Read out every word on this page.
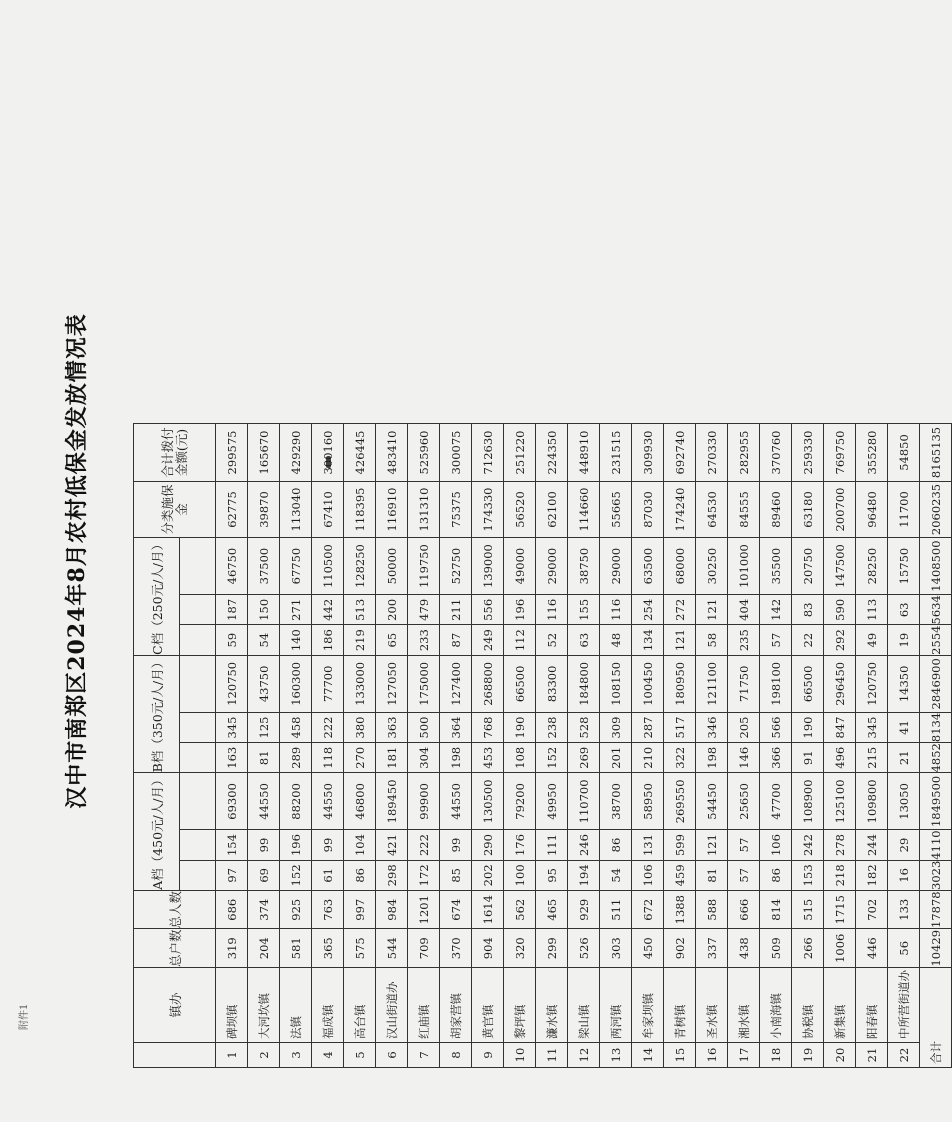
附件1
汉中市南郑区2024年8月农村低保金发放情况表
	镇办	总户数	总人数	A档（450元/人/月）			B档（350元/人/月）			C档（250元/人/月）			分类施保金	合计拨付金额(元)

1	碑坝镇	319	686	97	154	69300	163	345	120750	59	187	46750	62775	299575
2	大河坎镇	204	374	69	99	44550	81	125	43750	54	150	37500	39870	165670
3	法镇	581	925	152	196	88200	289	458	160300	140	271	67750	113040	429290
4	福成镇	365	763	61	99	44550	118	222	77700	186	442	110500	67410	300160
5	高台镇	575	997	86	104	46800	270	380	133000	219	513	128250	118395	426445
6	汉山街道办	544	984	298	421	189450	181	363	127050	65	200	50000	116910	483410
7	红庙镇	709	1201	172	222	99900	304	500	175000	233	479	119750	131310	525960
8	胡家营镇	370	674	85	99	44550	198	364	127400	87	211	52750	75375	300075
9	黄官镇	904	1614	202	290	130500	453	768	268800	249	556	139000	174330	712630
10	黎坪镇	320	562	100	176	79200	108	190	66500	112	196	49000	56520	251220
11	濂水镇	299	465	95	111	49950	152	238	83300	52	116	29000	62100	224350
12	梁山镇	526	929	194	246	110700	269	528	184800	63	155	38750	114660	448910
13	两河镇	303	511	54	86	38700	201	309	108150	48	116	29000	55665	231515
14	牟家坝镇	450	672	106	131	58950	210	287	100450	134	254	63500	87030	309930
15	青树镇	902	1388	459	599	269550	322	517	180950	121	272	68000	174240	692740
16	圣水镇	337	588	81	121	54450	198	346	121100	58	121	30250	64530	270330
17	湘水镇	438	666	57	57	25650	146	205	71750	235	404	101000	84555	282955
18	小南海镇	509	814	86	106	47700	366	566	198100	57	142	35500	89460	370760
19	协税镇	266	515	153	242	108900	91	190	66500	22	83	20750	63180	259330
20	新集镇	1006	1715	218	278	125100	496	847	296450	292	590	147500	200700	769750
21	阳春镇	446	702	182	244	109800	215	345	120750	49	113	28250	96480	355280
22	中所营街道办	56	133	16	29	13050	21	41	14350	19	63	15750	11700	54850
合计		10429	17878	3023	4110	1849500	4852	8134	2846900	2554	5634	1408500	2060235	8165135
